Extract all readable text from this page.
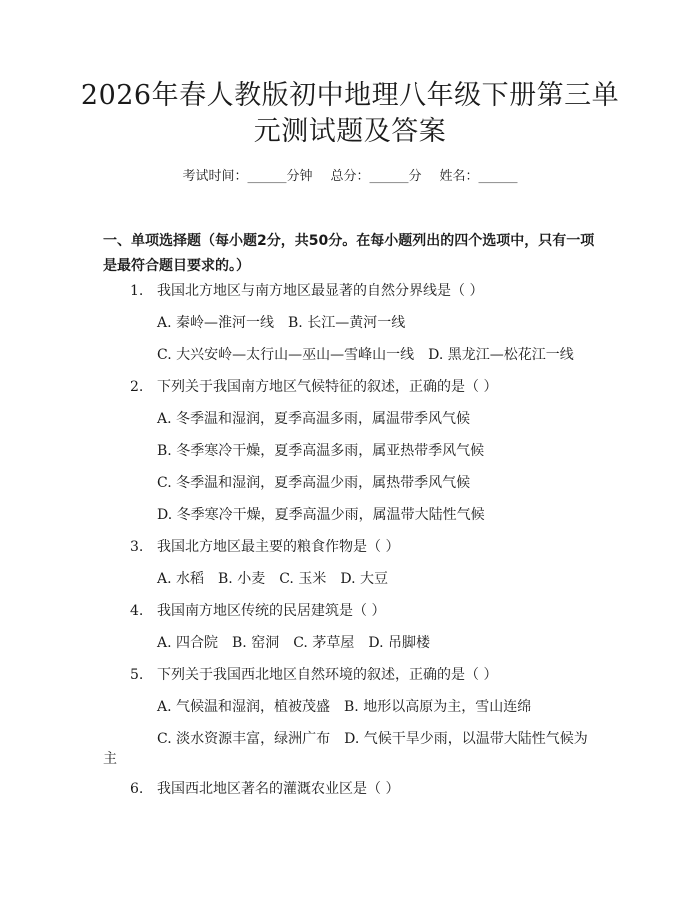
2026年春人教版初中地理八年级下册第三单
元测试题及答案
考试时间：______分钟 总分：______分 姓名：______
一、单项选择题（每小题2分，共50分。在每小题列出的四个选项中，只有一项
是最符合题目要求的。）
1. 我国北方地区与南方地区最显著的自然分界线是（ ）
A. 秦岭—淮河一线 B. 长江—黄河一线
C. 大兴安岭—太行山—巫山—雪峰山一线 D. 黑龙江—松花江一线
2. 下列关于我国南方地区气候特征的叙述，正确的是（ ）
A. 冬季温和湿润，夏季高温多雨，属温带季风气候
B. 冬季寒冷干燥，夏季高温多雨，属亚热带季风气候
C. 冬季温和湿润，夏季高温少雨，属热带季风气候
D. 冬季寒冷干燥，夏季高温少雨，属温带大陆性气候
3. 我国北方地区最主要的粮食作物是（ ）
A. 水稻 B. 小麦 C. 玉米 D. 大豆
4. 我国南方地区传统的民居建筑是（ ）
A. 四合院 B. 窑洞 C. 茅草屋 D. 吊脚楼
5. 下列关于我国西北地区自然环境的叙述，正确的是（ ）
A. 气候温和湿润，植被茂盛 B. 地形以高原为主，雪山连绵
C. 淡水资源丰富，绿洲广布 D. 气候干旱少雨，以温带大陆性气候为
主
6. 我国西北地区著名的灌溉农业区是（ ）
